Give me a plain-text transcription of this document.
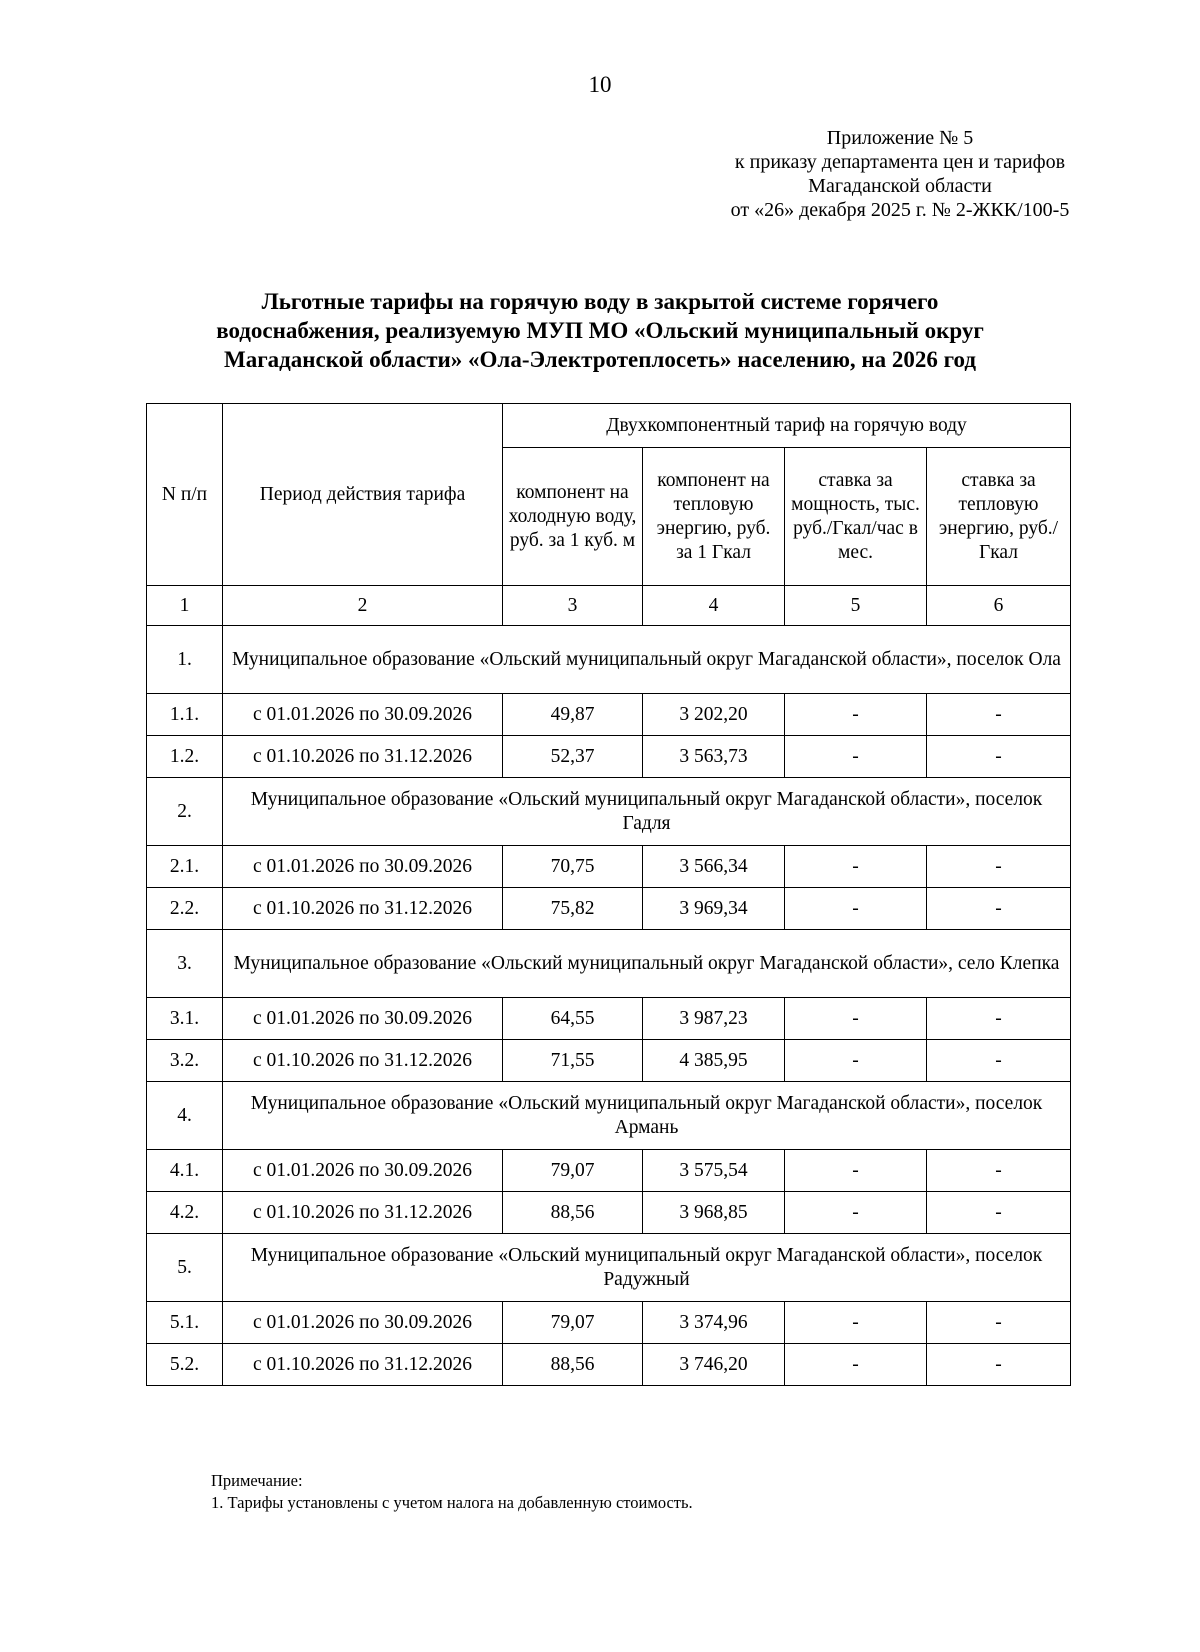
10
Приложение № 5
к приказу департамента цен и тарифов
Магаданской области
от «26» декабря 2025 г. № 2-ЖКК/100-5
Льготные тарифы на горячую воду в закрытой системе горячего
водоснабжения, реализуемую МУП МО «Ольский муниципальный округ
Магаданской области» «Ола-Электротеплосеть» населению, на 2026 год
N п/п	Период действия тарифа	Двухкомпонентный тариф на горячую воду			
		компонент на холодную воду, руб. за 1 куб. м	компонент на тепловую энергию, руб. за 1 Гкал	ставка за мощность, тыс. руб./Гкал/час в мес.	ставка за тепловую энергию, руб./Гкал
1	2	3	4	5	6
1.	Муниципальное образование «Ольский муниципальный округ Магаданской области», поселок Ола				
1.1.	с 01.01.2026 по 30.09.2026	49,87	3 202,20	-	-
1.2.	с 01.10.2026 по 31.12.2026	52,37	3 563,73	-	-
2.	Муниципальное образование «Ольский муниципальный округ Магаданской области», поселок Гадля				
2.1.	с 01.01.2026 по 30.09.2026	70,75	3 566,34	-	-
2.2.	с 01.10.2026 по 31.12.2026	75,82	3 969,34	-	-
3.	Муниципальное образование «Ольский муниципальный округ Магаданской области», село Клепка				
3.1.	с 01.01.2026 по 30.09.2026	64,55	3 987,23	-	-
3.2.	с 01.10.2026 по 31.12.2026	71,55	4 385,95	-	-
4.	Муниципальное образование «Ольский муниципальный округ Магаданской области», поселок Армань				
4.1.	с 01.01.2026 по 30.09.2026	79,07	3 575,54	-	-
4.2.	с 01.10.2026 по 31.12.2026	88,56	3 968,85	-	-
5.	Муниципальное образование «Ольский муниципальный округ Магаданской области», поселок Радужный				
5.1.	с 01.01.2026 по 30.09.2026	79,07	3 374,96	-	-
5.2.	с 01.10.2026 по 31.12.2026	88,56	3 746,20	-	-
Примечание:
1. Тарифы установлены с учетом налога на добавленную стоимость.
